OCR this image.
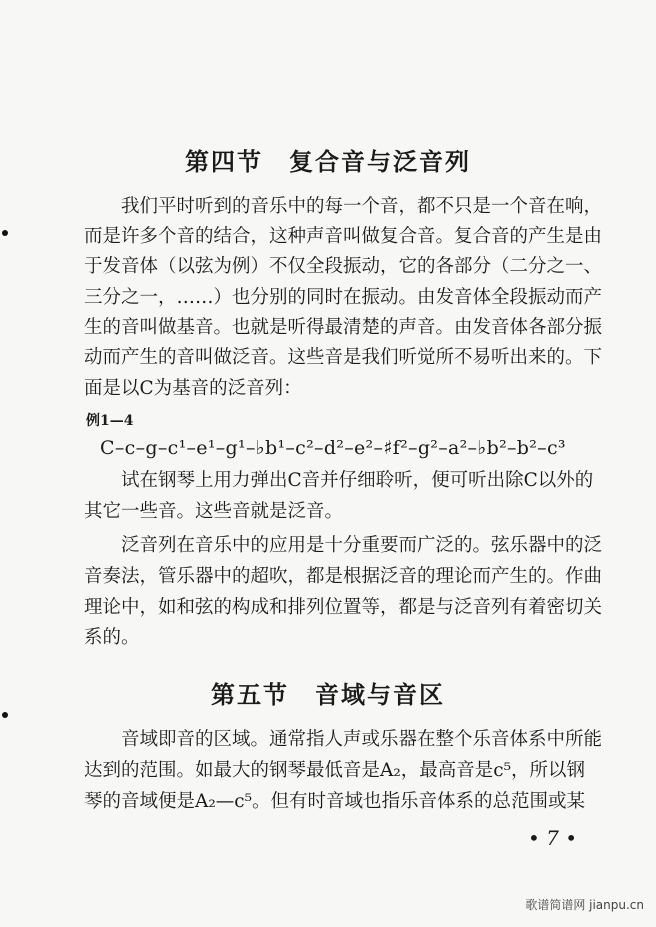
第四节　复合音与泛音列
我们平时听到的音乐中的每一个音，都不只是一个音在响，
而是许多个音的结合，这种声音叫做复合音。复合音的产生是由
于发音体（以弦为例）不仅全段振动，它的各部分（二分之一、
三分之一，……）也分别的同时在振动。由发音体全段振动而产
生的音叫做基音。也就是听得最清楚的声音。由发音体各部分振
动而产生的音叫做泛音。这些音是我们听觉所不易听出来的。下
面是以C为基音的泛音列：
例1—4
C–c–g–c¹–e¹–g¹–♭b¹–c²–d²–e²–♯f²–g²–a²–♭b²–b²–c³
试在钢琴上用力弹出C音并仔细聆听，便可听出除C以外的
其它一些音。这些音就是泛音。
泛音列在音乐中的应用是十分重要而广泛的。弦乐器中的泛
音奏法，管乐器中的超吹，都是根据泛音的理论而产生的。作曲
理论中，如和弦的构成和排列位置等，都是与泛音列有着密切关
系的。
第五节　音域与音区
音域即音的区域。通常指人声或乐器在整个乐音体系中所能
达到的范围。如最大的钢琴最低音是A₂，最高音是c⁵，所以钢
琴的音域便是A₂—c⁵。但有时音域也指乐音体系的总范围或某
• 7 •
歌谱简谱网 jianpu.cn
